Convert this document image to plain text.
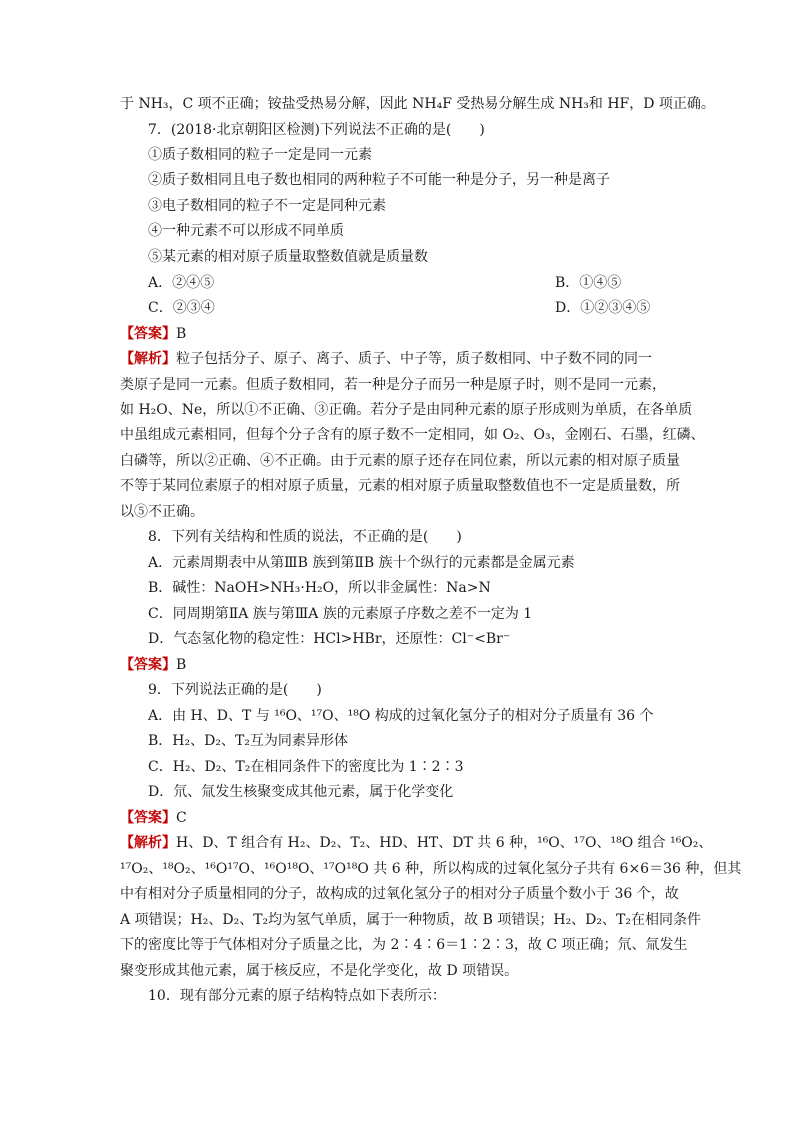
于 NH₃，C 项不正确；铵盐受热易分解，因此 NH₄F 受热易分解生成 NH₃和 HF，D 项正确。
7．(2018·北京朝阳区检测)下列说法不正确的是(　　)
①质子数相同的粒子一定是同一元素
②质子数相同且电子数也相同的两种粒子不可能一种是分子，另一种是离子
③电子数相同的粒子不一定是同种元素
④一种元素不可以形成不同单质
⑤某元素的相对原子质量取整数值就是质量数
A．②④⑤	B．①④⑤
C．②③④	D．①②③④⑤
【答案】B
【解析】粒子包括分子、原子、离子、质子、中子等，质子数相同、中子数不同的同一
类原子是同一元素。但质子数相同，若一种是分子而另一种是原子时，则不是同一元素，
如 H₂O、Ne，所以①不正确、③正确。若分子是由同种元素的原子形成则为单质，在各单质
中虽组成元素相同，但每个分子含有的原子数不一定相同，如 O₂、O₃，金刚石、石墨，红磷、
白磷等，所以②正确、④不正确。由于元素的原子还存在同位素，所以元素的相对原子质量
不等于某同位素原子的相对原子质量，元素的相对原子质量取整数值也不一定是质量数，所
以⑤不正确。
8．下列有关结构和性质的说法，不正确的是(　　)
A．元素周期表中从第ⅢB 族到第ⅡB 族十个纵行的元素都是金属元素
B．碱性：NaOH>NH₃·H₂O，所以非金属性：Na>N
C．同周期第ⅡA 族与第ⅢA 族的元素原子序数之差不一定为 1
D．气态氢化物的稳定性：HCl>HBr，还原性：Cl⁻<Br⁻
【答案】B
9．下列说法正确的是(　　)
A．由 H、D、T 与 ¹⁶O、¹⁷O、¹⁸O 构成的过氧化氢分子的相对分子质量有 36 个
B．H₂、D₂、T₂互为同素异形体
C．H₂、D₂、T₂在相同条件下的密度比为 1∶2∶3
D．氘、氚发生核聚变成其他元素，属于化学变化
【答案】C
【解析】H、D、T 组合有 H₂、D₂、T₂、HD、HT、DT 共 6 种，¹⁶O、¹⁷O、¹⁸O 组合 ¹⁶O₂、
¹⁷O₂、¹⁸O₂、¹⁶O¹⁷O、¹⁶O¹⁸O、¹⁷O¹⁸O 共 6 种，所以构成的过氧化氢分子共有 6×6＝36 种，但其
中有相对分子质量相同的分子，故构成的过氧化氢分子的相对分子质量个数小于 36 个，故
A 项错误；H₂、D₂、T₂均为氢气单质，属于一种物质，故 B 项错误；H₂、D₂、T₂在相同条件
下的密度比等于气体相对分子质量之比，为 2∶4∶6＝1∶2∶3，故 C 项正确；氘、氚发生
聚变形成其他元素，属于核反应，不是化学变化，故 D 项错误。
10．现有部分元素的原子结构特点如下表所示：
